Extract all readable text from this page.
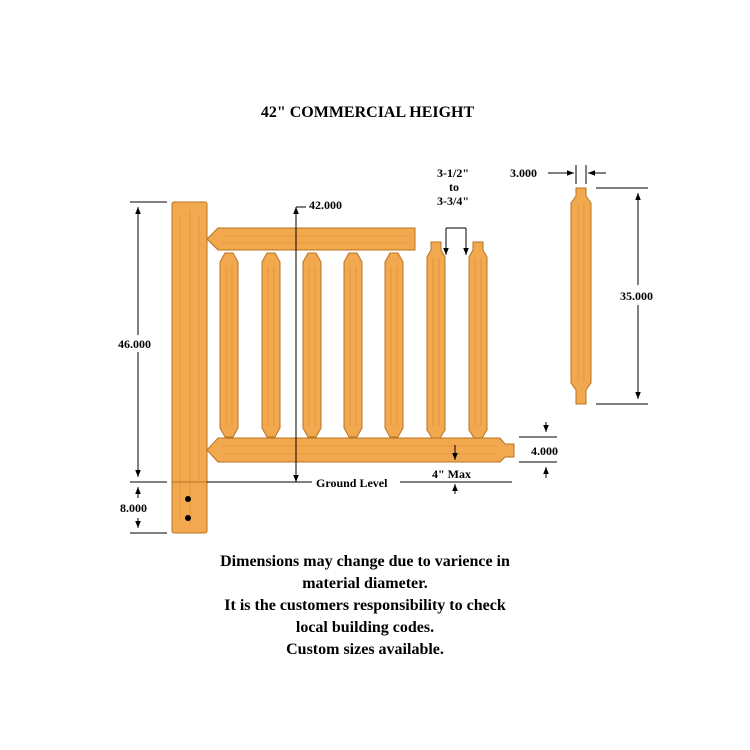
42" COMMERCIAL HEIGHT
46.000
8.000
42.000
Ground Level
4" Max
4.000
3-1/2"
to
3-3/4"
3.000
35.000
Dimensions may change due to varience in
material diameter.
It is the customers responsibility to check
local building codes.
Custom sizes available.
